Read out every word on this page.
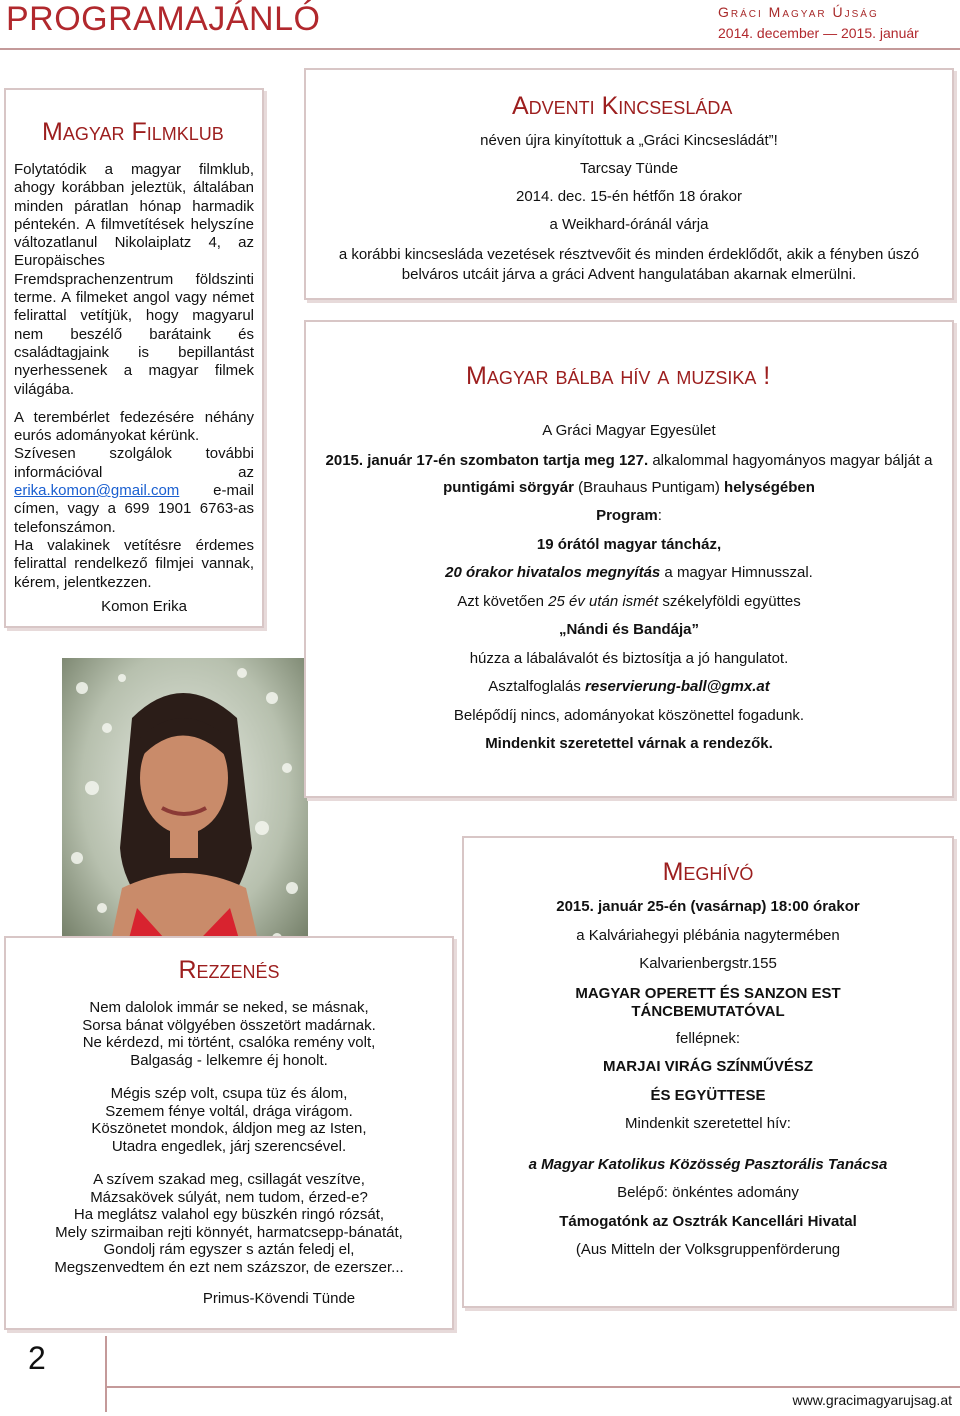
PROGRAMAJÁNLÓ	Gráci Magyar Újság
2014. december — 2015. január
Magyar Filmklub

Folytatódik a magyar filmklub, ahogy korábban jeleztük, általában minden páratlan hónap harmadik péntekén. A filmvetítések helyszíne változatlanul Nikolaiplatz 4, az Europäisches Fremdsprachenzentrum földszinti terme. A filmeket angol vagy német felirattal vetítjük, hogy magyarul nem beszélő barátaink és családtagjaink is bepillantást nyerhessenek a magyar filmek világába.

A terembérlet fedezésére néhány eurós adományokat kérünk.
Szívesen szolgálok további információval az erika.komon@gmail.com e-mail címen, vagy a 699 1901 6763-as telefonszámon.
Ha valakinek vetítésre érdemes felirattal rendelkező filmjei vannak, kérem, jelentkezzen.

Komon Erika
Adventi Kincsesláda
néven újra kinyítottuk a „Gráci Kincsesládát”!
Tarcsay Tünde
2014. dec. 15-én hétfőn 18 órakor
a Weikhard-óránál várja
a korábbi kincsesláda vezetések résztvevőit és minden érdeklődőt, akik a fényben úszó belváros utcáit járva a gráci Advent hangulatában akarnak elmerülni.
Magyar bálba hív a muzsika !
A Gráci Magyar Egyesület
2015. január 17-én szombaton tartja meg 127. alkalommal hagyományos magyar bálját a
puntigámi sörgyár (Brauhaus Puntigam) helységében
Program:
19 órától magyar táncház,
20 órakor hivatalos megnyítás a magyar Himnusszal.
Azt követően 25 év után ismét székelyföldi együttes
„Nándi és Bandája”
húzza a lábalávalót és biztosítja a jó hangulatot.
Asztalfoglalás reservierung-ball@gmx.at
Belépődíj nincs, adományokat köszönettel fogadunk.
Mindenkit szeretettel várnak a rendezők.
Rezzenés
Nem dalolok immár se neked, se másnak,
Sorsa bánat völgyében összetört madárnak.
Ne kérdezd, mi történt, csalóka remény volt,
Balgaság - lelkemre éj honolt.
Mégis szép volt, csupa tüz és álom,
Szemem fénye voltál, drága virágom.
Köszönetet mondok, áldjon meg az Isten,
Utadra engedlek, járj szerencsével.
A szívem szakad meg, csillagát veszítve,
Mázsakövek súlyát, nem tudom, érzed-e?
Ha meglátsz valahol egy büszkén ringó rózsát,
Mely szirmaiban rejti könnyét, harmatcsepp-bánatát,
Gondolj rám egyszer s aztán feledj el,
Megszenvedtem én ezt nem százszor, de ezerszer...
Primus-Kövendi Tünde
Meghívó
2015. január 25-én (vasárnap) 18:00 órakor
a Kalváriahegyi plébánia nagytermében
Kalvarienbergstr.155
MAGYAR OPERETT ÉS SANZON EST TÁNCBEMUTATÓVAL
fellépnek:
MARJAI VIRÁG SZÍNMŰVÉSZ
ÉS EGYÜTTESE
Mindenkit szeretettel hív:
a Magyar Katolikus Közösség Pasztorális Tanácsa
Belépő: önkéntes adomány
Támogatónk az Osztrák Kancellári Hivatal
(Aus Mitteln der Volksgruppenförderung
2
www.gracimagyarujsag.at
